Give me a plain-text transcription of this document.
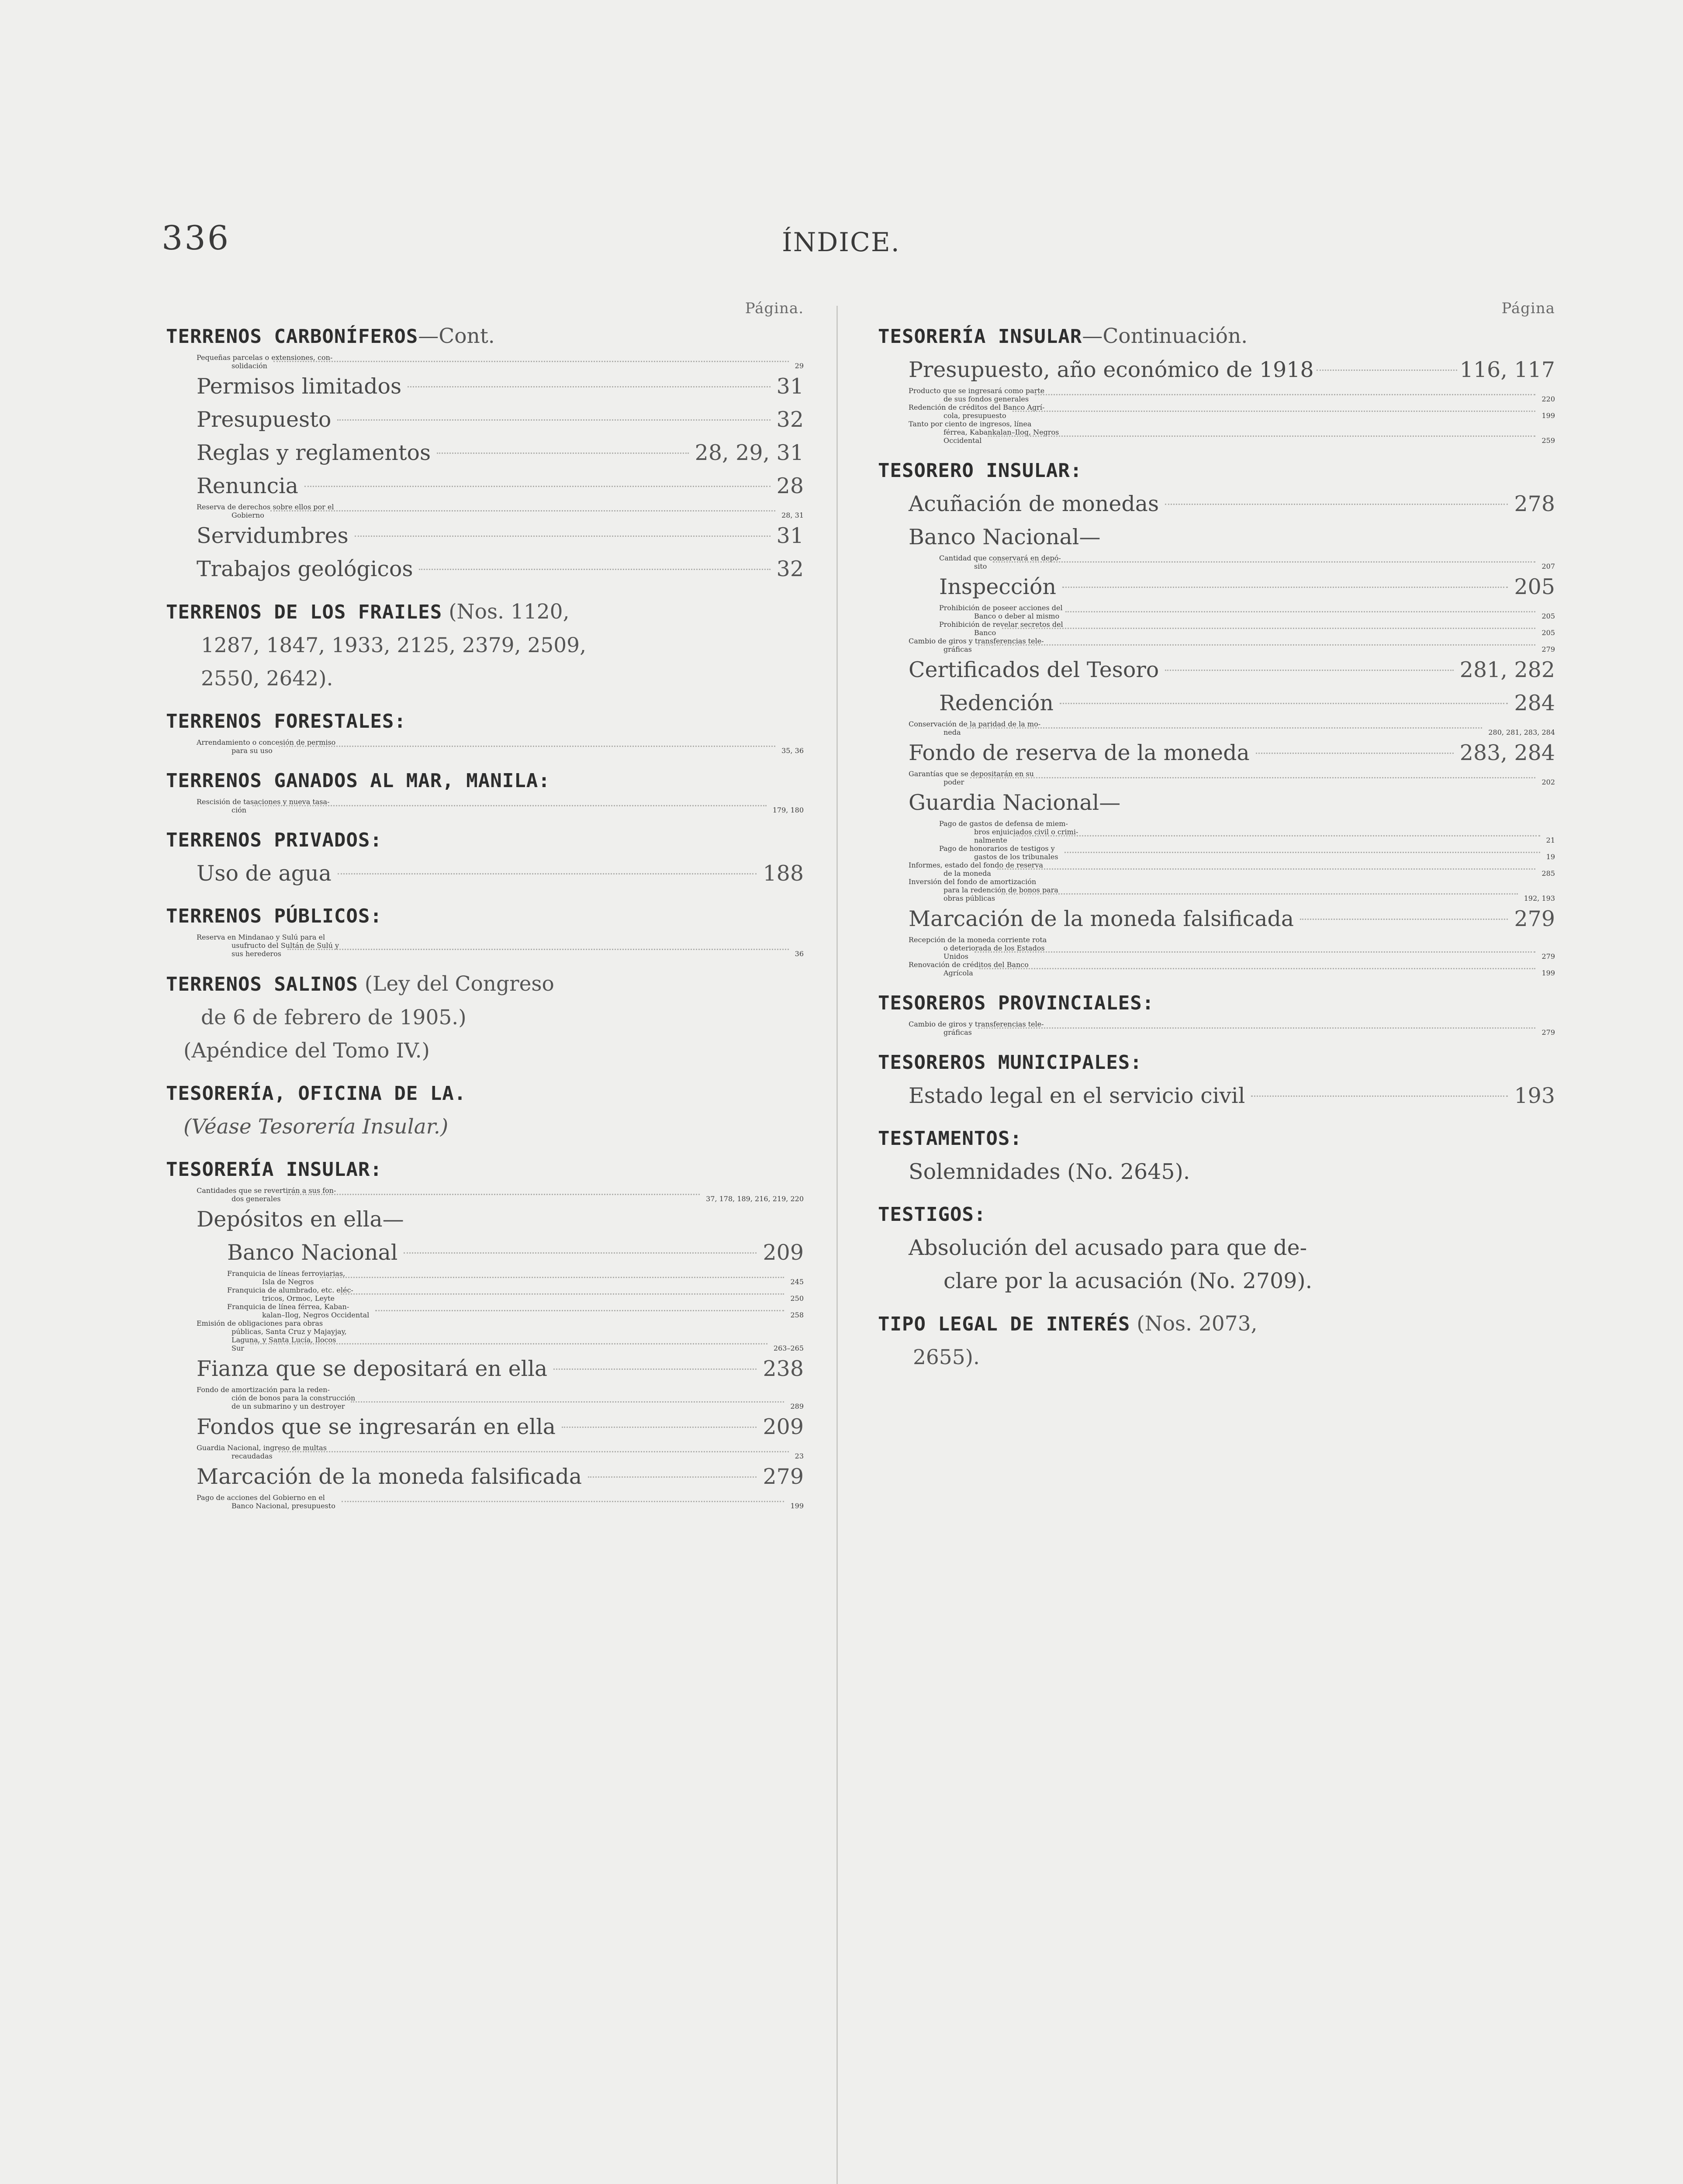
336	ÍNDICE.
Página.
TERRENOS CARBONÍFEROS—Cont.
Pequeñas parcelas o extensiones, con-
solidación	29
Permisos limitados	31
Presupuesto	32
Reglas y reglamentos	28, 29, 31
Renuncia	28
Reserva de derechos sobre ellos por el
Gobierno	28, 31
Servidumbres	31
Trabajos geológicos	32
TERRENOS DE LOS FRAILES (Nos. 1120,
1287, 1847, 1933, 2125, 2379, 2509,
2550, 2642).
TERRENOS FORESTALES:
Arrendamiento o concesión de permiso
para su uso	35, 36
TERRENOS GANADOS AL MAR, MANILA:
Rescisión de tasaciones y nueva tasa-
ción	179, 180
TERRENOS PRIVADOS:
Uso de agua	188
TERRENOS PÚBLICOS:
Reserva en Mindanao y Sulú para el
usufructo del Sultán de Sulú y
sus herederos	36
TERRENOS SALINOS (Ley del Congreso
de 6 de febrero de 1905.)
(Apéndice del Tomo IV.)
TESORERÍA, OFICINA DE LA.
(Véase Tesorería Insular.)
TESORERÍA INSULAR:
Cantidades que se revertirán a sus fon-
dos generales	37, 178, 189, 216, 219, 220
Depósitos en ella—
Banco Nacional	209
Franquicia de líneas ferroviarias,
Isla de Negros	245
Franquicia de alumbrado, etc. eléc-
tricos, Ormoc, Leyte	250
Franquicia de línea férrea, Kaban-
kalan–Ilog, Negros Occidental	258
Emisión de obligaciones para obras
públicas, Santa Cruz y Majayjay,
Laguna, y Santa Lucía, Ilocos
Sur	263–265
Fianza que se depositará en ella	238
Fondo de amortización para la reden-
ción de bonos para la construcción
de un submarino y un destroyer	289
Fondos que se ingresarán en ella	209
Guardia Nacional, ingreso de multas
recaudadas	23
Marcación de la moneda falsificada	279
Pago de acciones del Gobierno en el
Banco Nacional, presupuesto	199
Página
TESORERÍA INSULAR—Continuación.
Presupuesto, año económico de 1918	116, 117
Producto que se ingresará como parte
de sus fondos generales	220
Redención de créditos del Banco Agrí-
cola, presupuesto	199
Tanto por ciento de ingresos, línea
férrea, Kabankalan–Ilog, Negros
Occidental	259
TESORERO INSULAR:
Acuñación de monedas	278
Banco Nacional—
Cantidad que conservará en depó-
sito	207
Inspección	205
Prohibición de poseer acciones del
Banco o deber al mismo	205
Prohibición de revelar secretos del
Banco	205
Cambio de giros y transferencias tele-
gráficas	279
Certificados del Tesoro	281, 282
Redención	284
Conservación de la paridad de la mo-
neda	280, 281, 283, 284
Fondo de reserva de la moneda	283, 284
Garantías que se depositarán en su
poder	202
Guardia Nacional—
Pago de gastos de defensa de miem-
bros enjuiciados civil o crimi-
nalmente	21
Pago de honorarios de testigos y
gastos de los tribunales	19
Informes, estado del fondo de reserva
de la moneda	285
Inversión del fondo de amortización
para la redención de bonos para
obras públicas	192, 193
Marcación de la moneda falsificada	279
Recepción de la moneda corriente rota
o deteriorada de los Estados
Unidos	279
Renovación de créditos del Banco
Agrícola	199
TESOREROS PROVINCIALES:
Cambio de giros y transferencias tele-
gráficas	279
TESOREROS MUNICIPALES:
Estado legal en el servicio civil	193
TESTAMENTOS:
Solemnidades (No. 2645).
TESTIGOS:
Absolución del acusado para que de-
clare por la acusación (No. 2709).
TIPO LEGAL DE INTERÉS (Nos. 2073,
2655).
